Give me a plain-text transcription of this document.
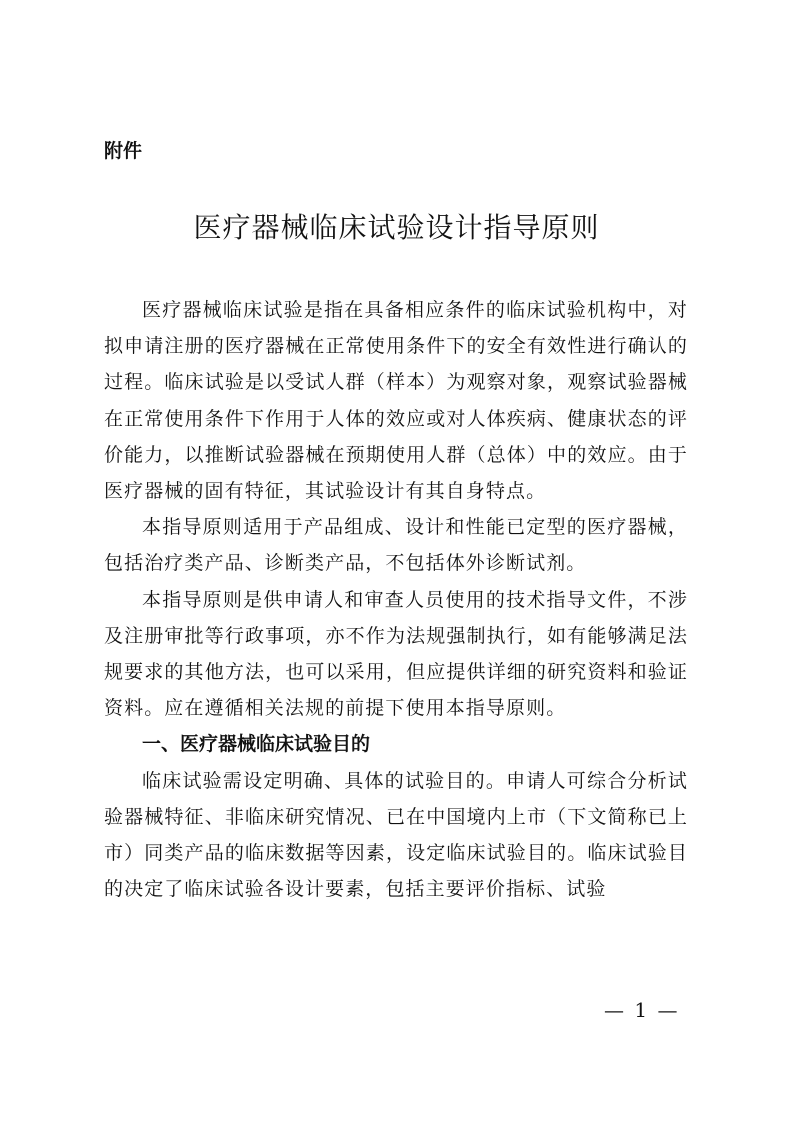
附件

医疗器械临床试验设计指导原则

医疗器械临床试验是指在具备相应条件的临床试验机构中，对拟申请注册的医疗器械在正常使用条件下的安全有效性进行确认的过程。临床试验是以受试人群（样本）为观察对象，观察试验器械在正常使用条件下作用于人体的效应或对人体疾病、健康状态的评价能力，以推断试验器械在预期使用人群（总体）中的效应。由于医疗器械的固有特征，其试验设计有其自身特点。

本指导原则适用于产品组成、设计和性能已定型的医疗器械，包括治疗类产品、诊断类产品，不包括体外诊断试剂。

本指导原则是供申请人和审查人员使用的技术指导文件，不涉及注册审批等行政事项，亦不作为法规强制执行，如有能够满足法规要求的其他方法，也可以采用，但应提供详细的研究资料和验证资料。应在遵循相关法规的前提下使用本指导原则。

一、医疗器械临床试验目的

临床试验需设定明确、具体的试验目的。申请人可综合分析试验器械特征、非临床研究情况、已在中国境内上市（下文简称已上市）同类产品的临床数据等因素，设定临床试验目的。临床试验目的决定了临床试验各设计要素，包括主要评价指标、试验

— 1 —
